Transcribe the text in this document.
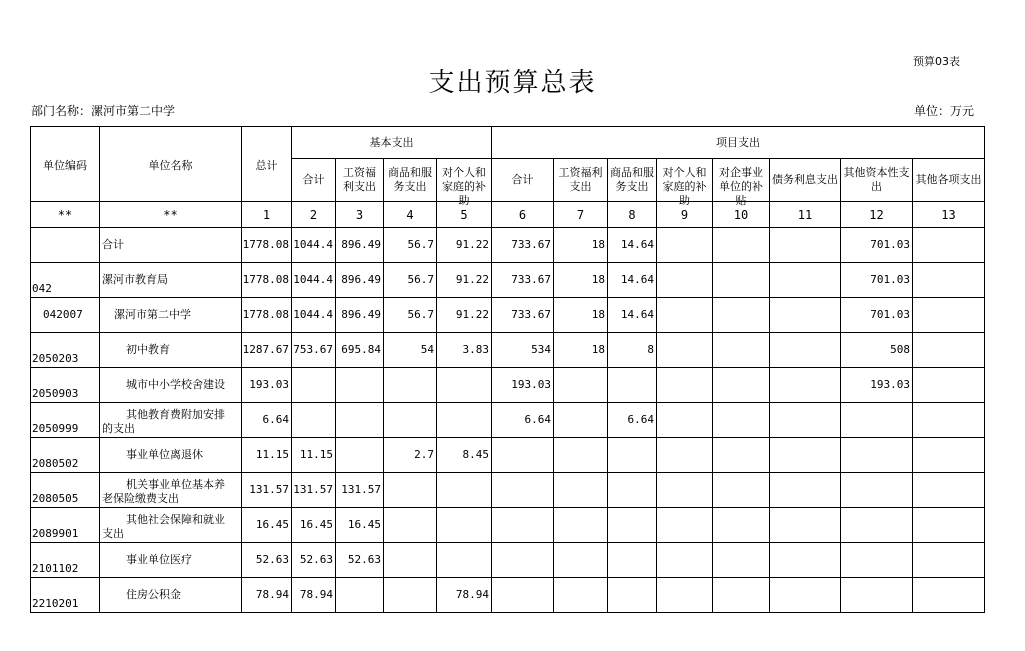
预算03表
支出预算总表
部门名称：漯河市第二中学	单位：万元
单位编码	单位名称	总计	基本支出				项目支出							

			合计	工资福利支出	商品和服务支出	对个人和家庭的补助	合计	工资福利支出	商品和服务支出	对个人和家庭的补助	对企事业单位的补贴	债务利息支出	其他资本性支出	其他各项支出

**	**	1	2	3	4	5	6	7	8	9	10	11	12	13
	合计	1778.08	1044.4	896.49	56.7	91.22	733.67	18	14.64				701.03	
042	漯河市教育局	1778.08	1044.4	896.49	56.7	91.22	733.67	18	14.64				701.03	
042007	漯河市第二中学	1778.08	1044.4	896.49	56.7	91.22	733.67	18	14.64				701.03	
2050203	初中教育	1287.67	753.67	695.84	54	3.83	534	18	8				508	
2050903	城市中小学校舍建设	193.03					193.03						193.03	
2050999	其他教育费附加安排
的支出	6.64					6.64		6.64					
2080502	事业单位离退休	11.15	11.15		2.7	8.45								
2080505	机关事业单位基本养
老保险缴费支出	131.57	131.57	131.57										
2089901	其他社会保障和就业
支出	16.45	16.45	16.45										
2101102	事业单位医疗	52.63	52.63	52.63										
2210201	住房公积金	78.94	78.94			78.94								
